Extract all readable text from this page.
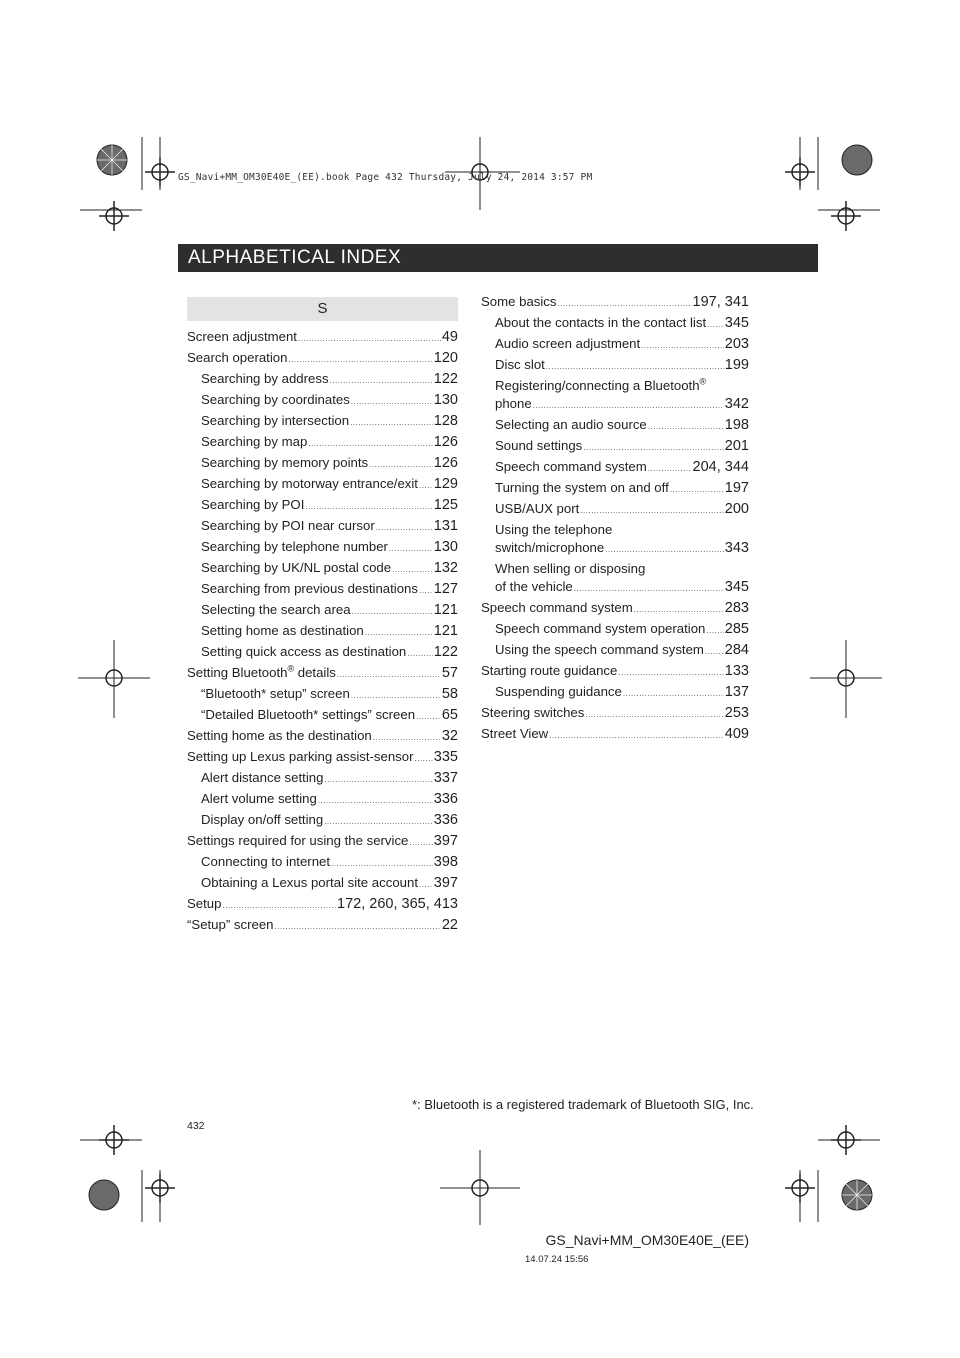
GS_Navi+MM_OM30E40E_(EE).book Page 432 Thursday, July 24, 2014 3:57 PM
ALPHABETICAL INDEX
S
Screen adjustment .....	49
Search operation .....	120
Searching by address .....	122
Searching by coordinates .....	130
Searching by intersection .....	128
Searching by map .....	126
Searching by memory points .....	126
Searching by motorway entrance/exit ..... 129
Searching by POI .....	125
Searching by POI near cursor .....	131
Searching by telephone number .....	130
Searching by UK/NL postal code .....	132
Searching from previous destinations ..... 127
Selecting the search area .....	121
Setting home as destination .....	121
Setting quick access as destination ..... 122
Setting Bluetooth® details .....	57
“Bluetooth* setup” screen .....	58
“Detailed Bluetooth* settings” screen ..... 65
Setting home as the destination .....	32
Setting up Lexus parking assist-sensor ..... 335
Alert distance setting .....	337
Alert volume setting .....	336
Display on/off setting .....	336
Settings required for using the service ..... 397
Connecting to internet .....	398
Obtaining a Lexus portal site account ..... 397
Setup .....	172, 260, 365, 413
“Setup” screen .....	22
Some basics .....	197, 341
About the contacts in the contact list ..... 345
Audio screen adjustment .....	203
Disc slot .....	199
Registering/connecting a Bluetooth®
phone .....	342
Selecting an audio source .....	198
Sound settings .....	201
Speech command system .....	204, 344
Turning the system on and off .....	197
USB/AUX port .....	200
Using the telephone
switch/microphone .....	343
When selling or disposing
of the vehicle .....	345
Speech command system .....	283
Speech command system operation ..... 285
Using the speech command system ..... 284
Starting route guidance .....	133
Suspending guidance .....	137
Steering switches .....	253
Street View .....	409
*: Bluetooth is a registered trademark of Bluetooth SIG, Inc.
432
GS_Navi+MM_OM30E40E_(EE)
14.07.24 15:56
